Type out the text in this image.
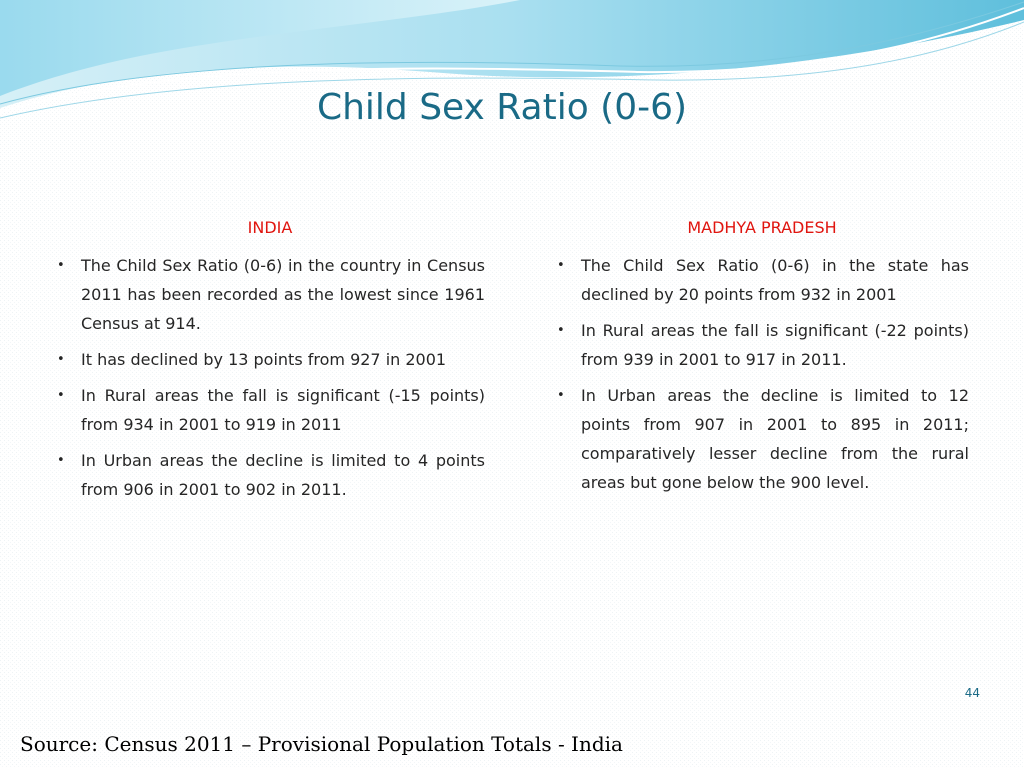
Child Sex Ratio (0-6)
INDIA
• The Child Sex Ratio (0-6) in the country in Census 2011 has been recorded as the lowest since 1961 Census at 914.
• It has declined by 13 points from 927 in 2001
• In Rural areas the fall is significant (-15 points) from 934 in 2001 to 919 in 2011
• In Urban areas the decline is limited to 4 points from 906 in 2001 to 902 in 2011.
MADHYA PRADESH
• The Child Sex Ratio (0-6) in the state has declined by 20 points from 932 in 2001
• In Rural areas the fall is significant (-22 points) from 939 in 2001 to 917 in 2011.
• In Urban areas the decline is limited to 12 points from 907 in 2001 to 895 in 2011; comparatively lesser decline from the rural areas but gone below the 900 level.
44
Source: Census 2011 – Provisional Population Totals - India
